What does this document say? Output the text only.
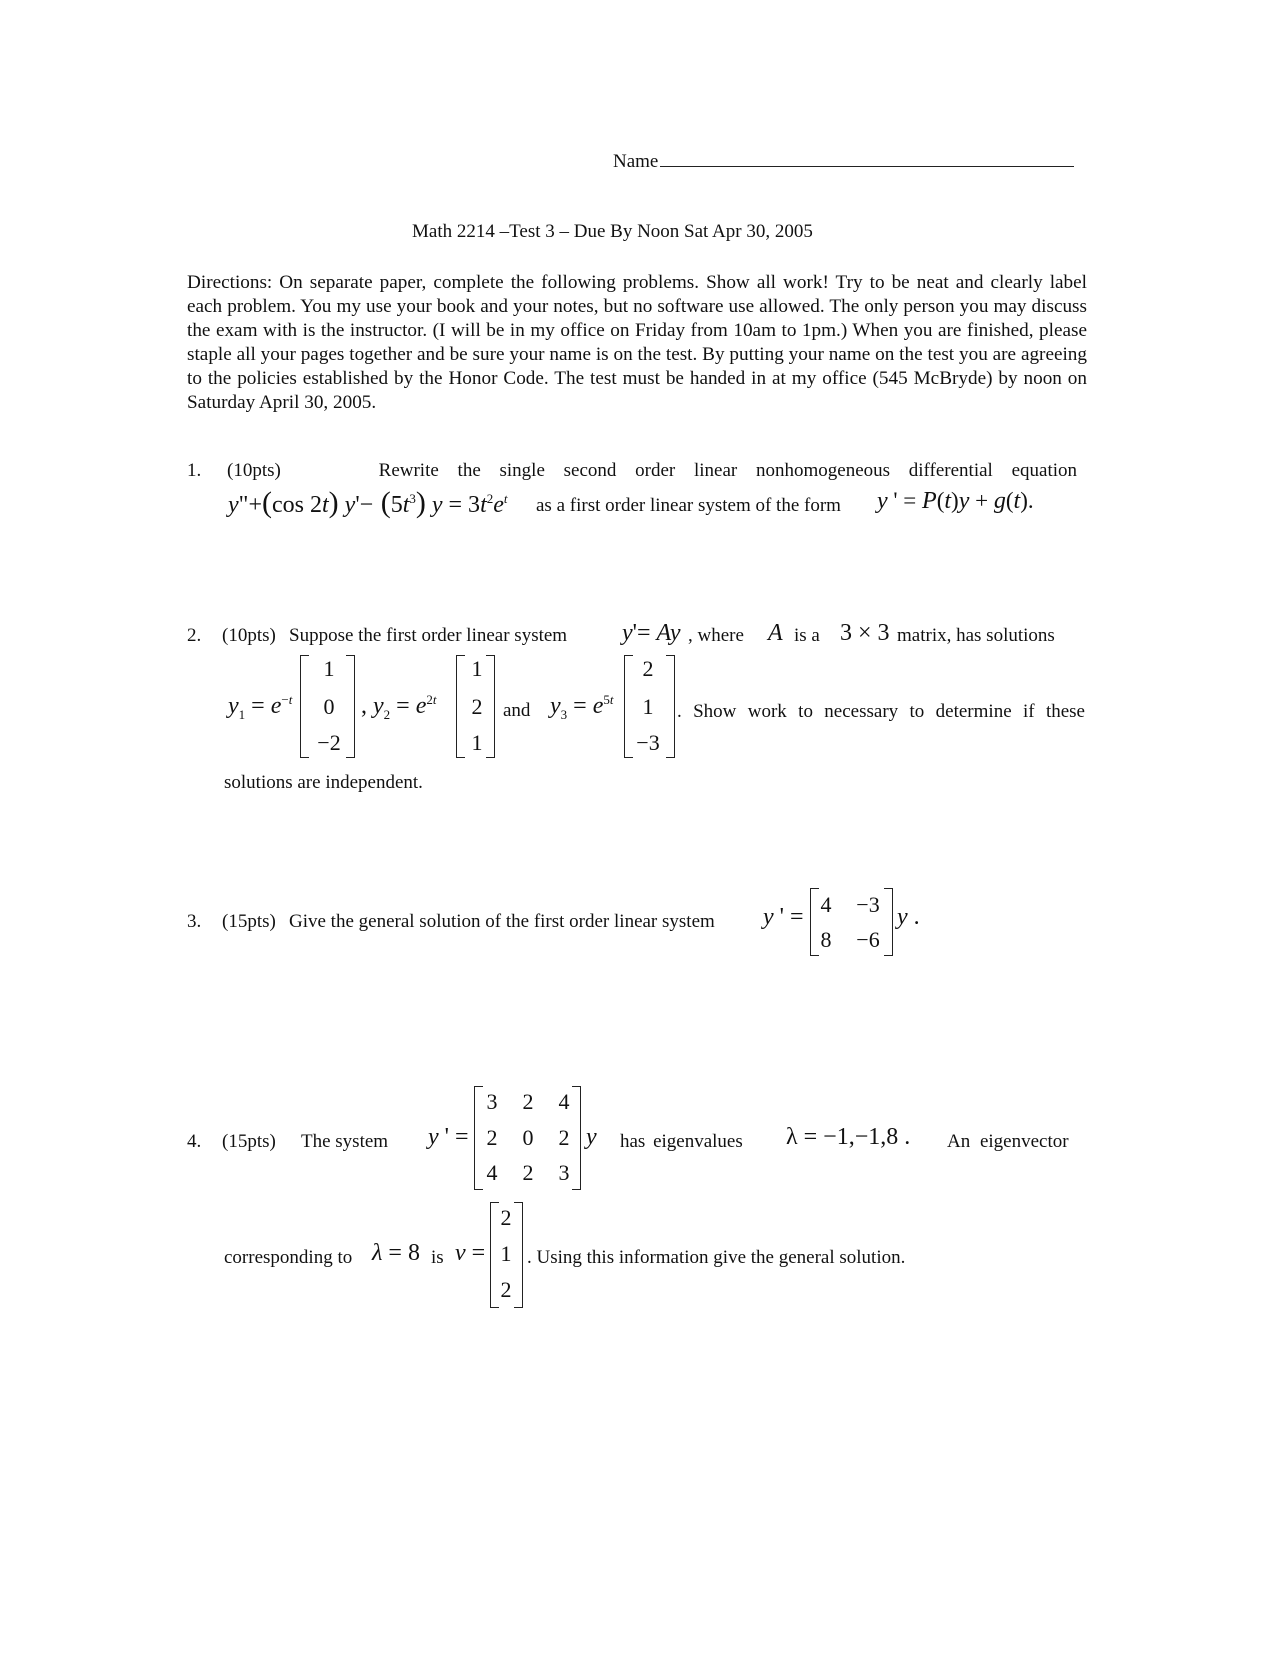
Name
Math 2214 –Test 3 – Due By Noon Sat Apr 30, 2005
Directions: On separate paper, complete the following problems. Show all work! Try to be neat and clearly label each problem. You my use your book and your notes, but no software use allowed. The only person you may discuss the exam with is the instructor. (I will be in my office on Friday from 10am to 1pm.) When you are finished, please staple all your pages together and be sure your name is on the test. By putting your name on the test you are agreeing to the policies established by the Honor Code. The test must be handed in at my office (545 McBryde) by noon on Saturday April 30, 2005.
1. (10pts)	Rewrite the single second order linear nonhomogeneous differential equation
y"+(cos 2t) $y'- (5t^3) y = 3t^2e^t$ as a first order linear system of the form y ' = P(t)y + g(t).
2. (10pts) Suppose the first order linear system y'= Ay , where A is a 3 × 3 matrix, has solutions
$y_1 = e^{-t}$
1
0
−2
, $y_2 = e^{2t}$
1
2
1
and $y_3 = e^{5t}$
2
1
−3
. Show work to necessary to determine if these
solutions are independent.
3. (15pts) Give the general solution of the first order linear system y ' = 4	−3
8	−6
y .
4. (15pts) The system y ' =
3	2	4
2	0	2
4	2	3
y has eigenvalues λ = −1,−1,8 . An eigenvector
corresponding to λ = 8 is v =
2
1
2
. Using this information give the general solution.
